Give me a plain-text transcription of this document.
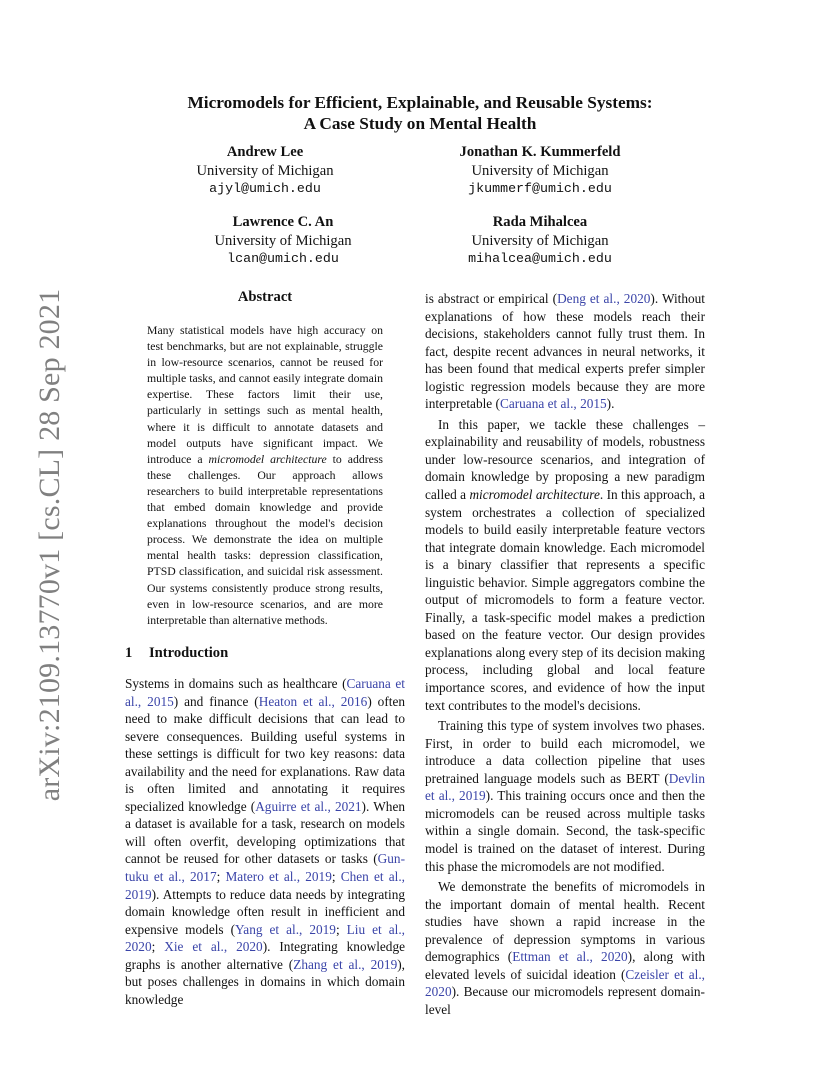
arXiv:2109.13770v1 [cs.CL] 28 Sep 2021
Micromodels for Efficient, Explainable, and Reusable Systems:
A Case Study on Mental Health
Andrew Lee
University of Michigan
ajyl@umich.edu
Jonathan K. Kummerfeld
University of Michigan
jkummerf@umich.edu
Lawrence C. An
University of Michigan
lcan@umich.edu
Rada Mihalcea
University of Michigan
mihalcea@umich.edu
Abstract
Many statistical models have high accuracy on test benchmarks, but are not explainable, struggle in low-resource scenarios, cannot be reused for multiple tasks, and cannot easily integrate domain expertise. These factors limit their use, particularly in settings such as mental health, where it is difficult to annotate datasets and model outputs have significant impact. We introduce a micromodel architecture to address these challenges. Our approach allows researchers to build interpretable representations that embed domain knowledge and provide explanations throughout the model's decision process. We demonstrate the idea on multiple mental health tasks: depression classification, PTSD classification, and suicidal risk assessment. Our systems consistently produce strong results, even in low-resource scenarios, and are more interpretable than alternative methods.
1 Introduction

Systems in domains such as healthcare (Caruana et al., 2015) and finance (Heaton et al., 2016) often need to make difficult decisions that can lead to severe consequences. Building useful systems in these settings is difficult for two key reasons: data availability and the need for explanations. Raw data is often limited and annotating it requires specialized knowledge (Aguirre et al., 2021). When a dataset is available for a task, research on models will often overfit, developing optimizations that cannot be reused for other datasets or tasks (Gun-tuku et al., 2017; Matero et al., 2019; Chen et al., 2019). Attempts to reduce data needs by integrating domain knowledge often result in inefficient and expensive models (Yang et al., 2019; Liu et al., 2020; Xie et al., 2020). Integrating knowledge graphs is another alternative (Zhang et al., 2019), but poses challenges in domains in which domain knowledge

is abstract or empirical (Deng et al., 2020). Without explanations of how these models reach their decisions, stakeholders cannot fully trust them. In fact, despite recent advances in neural networks, it has been found that medical experts prefer simpler logistic regression models because they are more interpretable (Caruana et al., 2015).

In this paper, we tackle these challenges – explainability and reusability of models, robustness under low-resource scenarios, and integration of domain knowledge by proposing a new paradigm called a micromodel architecture. In this approach, a system orchestrates a collection of specialized models to build easily interpretable feature vectors that integrate domain knowledge. Each micromodel is a binary classifier that represents a specific linguistic behavior. Simple aggregators combine the output of micromodels to form a feature vector. Finally, a task-specific model makes a prediction based on the feature vector. Our design provides explanations along every step of its decision making process, including global and local feature importance scores, and evidence of how the input text contributes to the model's decisions.

Training this type of system involves two phases. First, in order to build each micromodel, we introduce a data collection pipeline that uses pretrained language models such as BERT (Devlin et al., 2019). This training occurs once and then the micromodels can be reused across multiple tasks within a single domain. Second, the task-specific model is trained on the dataset of interest. During this phase the micromodels are not modified.

We demonstrate the benefits of micromodels in the important domain of mental health. Recent studies have shown a rapid increase in the prevalence of depression symptoms in various demographics (Ettman et al., 2020), along with elevated levels of suicidal ideation (Czeisler et al., 2020). Because our micromodels represent domain-level
